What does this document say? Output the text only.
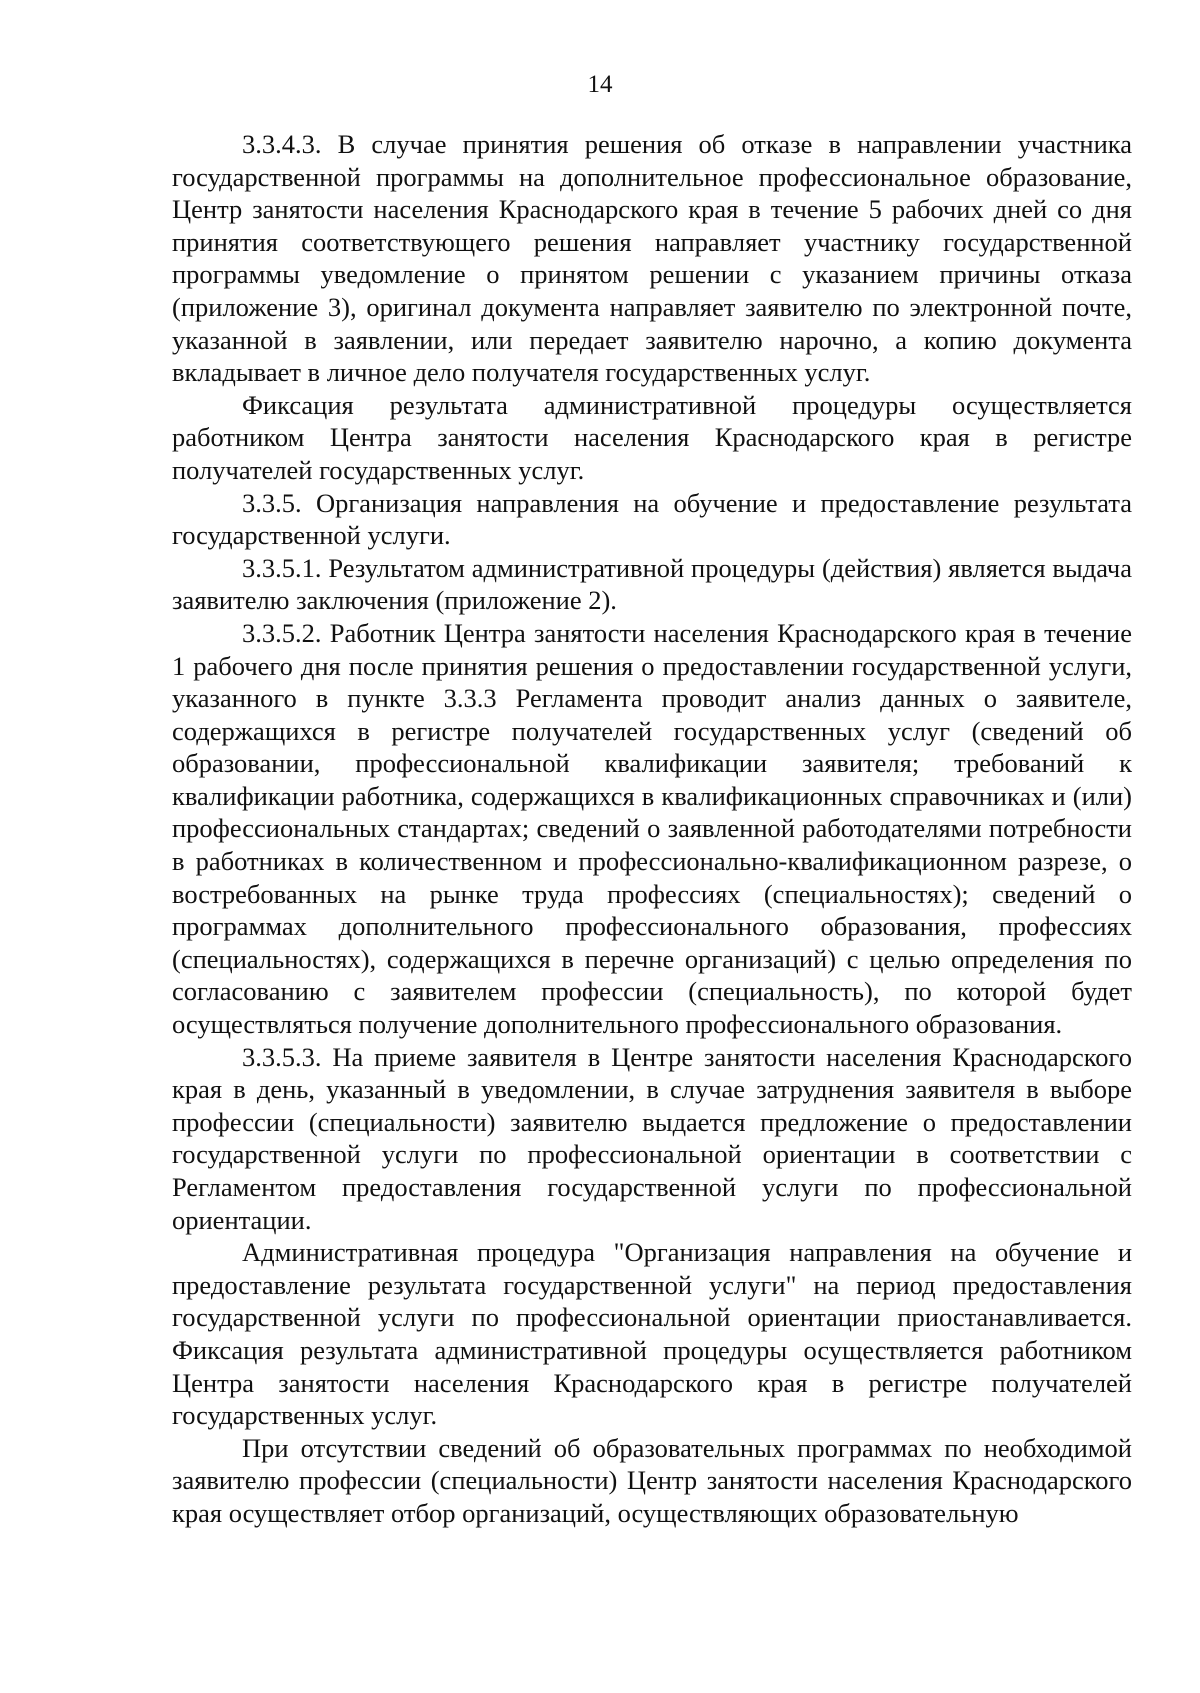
14

3.3.4.3. В случае принятия решения об отказе в направлении участника государственной программы на дополнительное профессиональное образование, Центр занятости населения Краснодарского края в течение 5 рабочих дней со дня принятия соответствующего решения направляет участнику государственной программы уведомление о принятом решении с указанием причины отказа (приложение 3), оригинал документа направляет заявителю по электронной почте, указанной в заявлении, или передает заявителю нарочно, а копию документа вкладывает в личное дело получателя государственных услуг.

Фиксация результата административной процедуры осуществляется работником Центра занятости населения Краснодарского края в регистре получателей государственных услуг.

3.3.5. Организация направления на обучение и предоставление результата государственной услуги.

3.3.5.1. Результатом административной процедуры (действия) является выдача заявителю заключения (приложение 2).

3.3.5.2. Работник Центра занятости населения Краснодарского края в течение 1 рабочего дня после принятия решения о предоставлении государственной услуги, указанного в пункте 3.3.3 Регламента проводит анализ данных о заявителе, содержащихся в регистре получателей государственных услуг (сведений об образовании, профессиональной квалификации заявителя; требований к квалификации работника, содержащихся в квалификационных справочниках и (или) профессиональных стандартах; сведений о заявленной работодателями потребности в работниках в количественном и профессионально-квалификационном разрезе, о востребованных на рынке труда профессиях (специальностях); сведений о программах дополнительного профессионального образования, профессиях (специальностях), содержащихся в перечне организаций) с целью определения по согласованию с заявителем профессии (специальность), по которой будет осуществляться получение дополнительного профессионального образования.

3.3.5.3. На приеме заявителя в Центре занятости населения Краснодарского края в день, указанный в уведомлении, в случае затруднения заявителя в выборе профессии (специальности) заявителю выдается предложение о предоставлении государственной услуги по профессиональной ориентации в соответствии с Регламентом предоставления государственной услуги по профессиональной ориентации.

Административная процедура "Организация направления на обучение и предоставление результата государственной услуги" на период предоставления государственной услуги по профессиональной ориентации приостанавливается. Фиксация результата административной процедуры осуществляется работником Центра занятости населения Краснодарского края в регистре получателей государственных услуг.

При отсутствии сведений об образовательных программах по необходимой заявителю профессии (специальности) Центр занятости населения Краснодарского края осуществляет отбор организаций, осуществляющих образовательную
